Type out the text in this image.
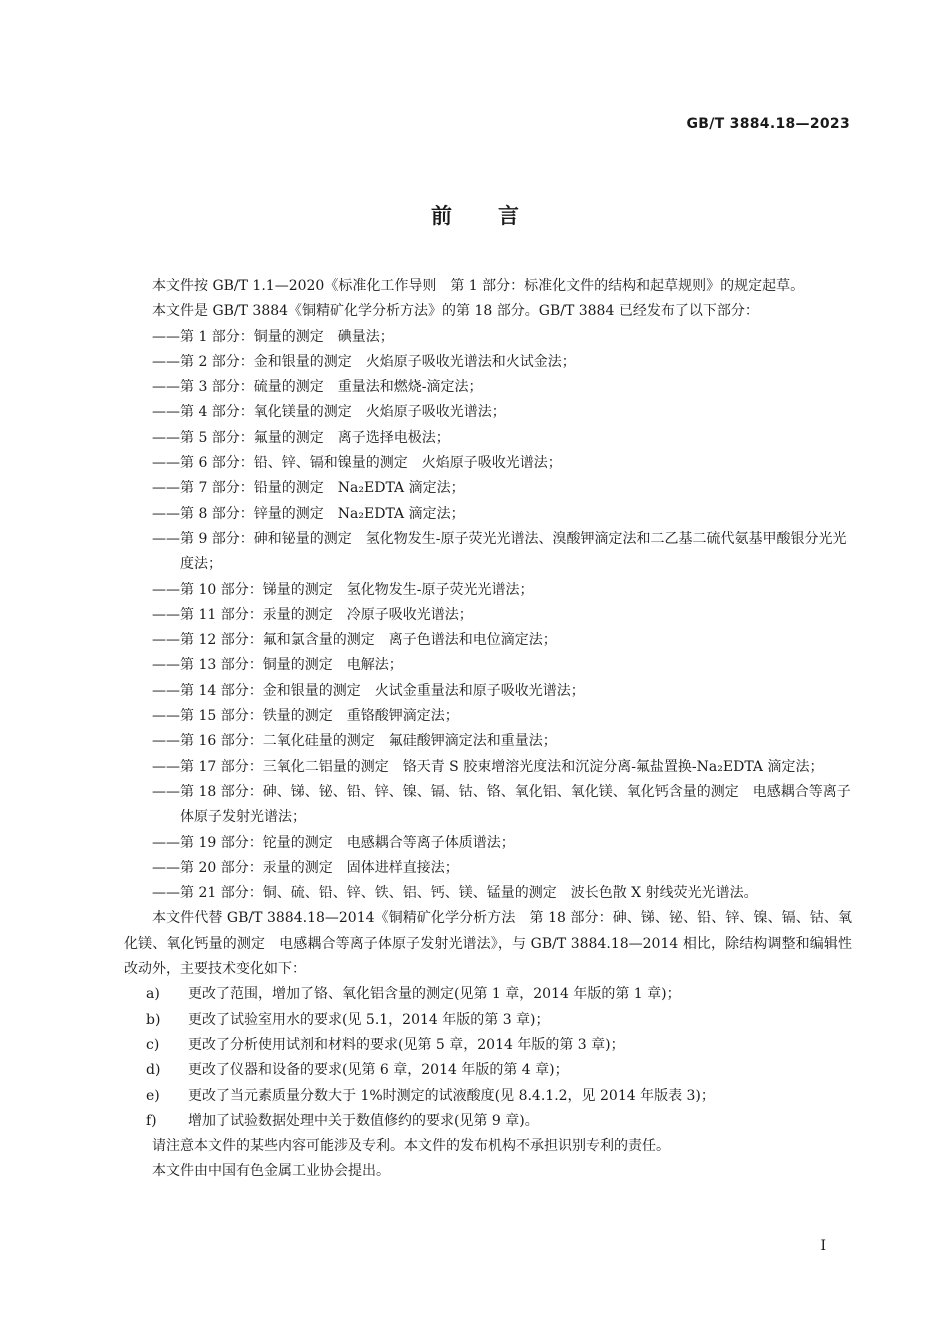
GB/T 3884.18—2023
前言

本文件按 GB/T 1.1—2020《标准化工作导则　第 1 部分：标准化文件的结构和起草规则》的规定起草。

本文件是 GB/T 3884《铜精矿化学分析方法》的第 18 部分。GB/T 3884 已经发布了以下部分：

—— 第 1 部分：铜量的测定　碘量法；
—— 第 2 部分：金和银量的测定　火焰原子吸收光谱法和火试金法；
—— 第 3 部分：硫量的测定　重量法和燃烧-滴定法；
—— 第 4 部分：氧化镁量的测定　火焰原子吸收光谱法；
—— 第 5 部分：氟量的测定　离子选择电极法；
—— 第 6 部分：铅、锌、镉和镍量的测定　火焰原子吸收光谱法；
—— 第 7 部分：铅量的测定　Na₂EDTA 滴定法；
—— 第 8 部分：锌量的测定　Na₂EDTA 滴定法；
—— 第 9 部分：砷和铋量的测定　氢化物发生-原子荧光光谱法、溴酸钾滴定法和二乙基二硫代氨基甲酸银分光光度法；
—— 第 10 部分：锑量的测定　氢化物发生-原子荧光光谱法；
—— 第 11 部分：汞量的测定　冷原子吸收光谱法；
—— 第 12 部分：氟和氯含量的测定　离子色谱法和电位滴定法；
—— 第 13 部分：铜量的测定　电解法；
—— 第 14 部分：金和银量的测定　火试金重量法和原子吸收光谱法；
—— 第 15 部分：铁量的测定　重铬酸钾滴定法；
—— 第 16 部分：二氧化硅量的测定　氟硅酸钾滴定法和重量法；
—— 第 17 部分：三氧化二铝量的测定　铬天青 S 胶束增溶光度法和沉淀分离-氟盐置换-Na₂EDTA 滴定法；
—— 第 18 部分：砷、锑、铋、铅、锌、镍、镉、钴、铬、氧化铝、氧化镁、氧化钙含量的测定　电感耦合等离子体原子发射光谱法；
—— 第 19 部分：铊量的测定　电感耦合等离子体质谱法；
—— 第 20 部分：汞量的测定　固体进样直接法；
—— 第 21 部分：铜、硫、铅、锌、铁、铝、钙、镁、锰量的测定　波长色散 X 射线荧光光谱法。

本文件代替 GB/T 3884.18—2014《铜精矿化学分析方法　第 18 部分：砷、锑、铋、铅、锌、镍、镉、钴、氧化镁、氧化钙量的测定　电感耦合等离子体原子发射光谱法》，与 GB/T 3884.18—2014 相比，除结构调整和编辑性改动外，主要技术变化如下：

a)	更改了范围，增加了铬、氧化铝含量的测定(见第 1 章，2014 年版的第 1 章)；
b)	更改了试验室用水的要求(见 5.1，2014 年版的第 3 章)；
c)	更改了分析使用试剂和材料的要求(见第 5 章，2014 年版的第 3 章)；
d)	更改了仪器和设备的要求(见第 6 章，2014 年版的第 4 章)；
e)	更改了当元素质量分数大于 1%时测定的试液酸度(见 8.4.1.2，见 2014 年版表 3)；
f)	增加了试验数据处理中关于数值修约的要求(见第 9 章)。

请注意本文件的某些内容可能涉及专利。本文件的发布机构不承担识别专利的责任。

本文件由中国有色金属工业协会提出。

I
